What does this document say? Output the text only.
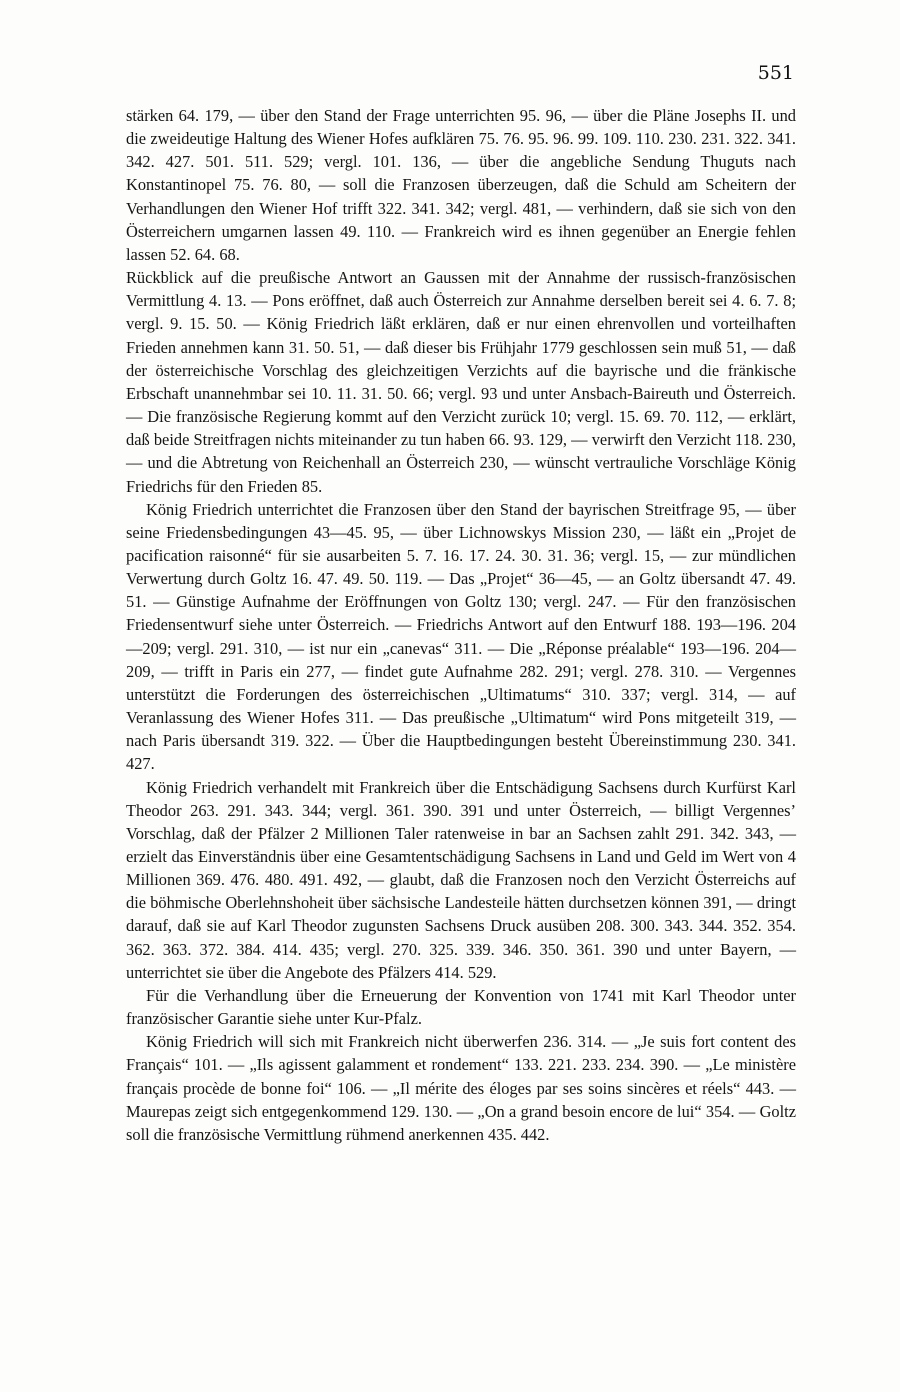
551

stärken 64. 179, — über den Stand der Frage unterrichten 95. 96, — über die Pläne Josephs II. und die zweideutige Haltung des Wiener Hofes aufklären 75. 76. 95. 96. 99. 109. 110. 230. 231. 322. 341. 342. 427. 501. 511. 529; vergl. 101. 136, — über die angebliche Sendung Thuguts nach Konstantinopel 75. 76. 80, — soll die Franzosen überzeugen, daß die Schuld am Scheitern der Verhandlungen den Wiener Hof trifft 322. 341. 342; vergl. 481, — verhindern, daß sie sich von den Österreichern umgarnen lassen 49. 110. — Frankreich wird es ihnen gegenüber an Energie fehlen lassen 52. 64. 68.

Rückblick auf die preußische Antwort an Gaussen mit der Annahme der russisch-französischen Vermittlung 4. 13. — Pons eröffnet, daß auch Österreich zur Annahme derselben bereit sei 4. 6. 7. 8; vergl. 9. 15. 50. — König Friedrich läßt erklären, daß er nur einen ehrenvollen und vorteilhaften Frieden annehmen kann 31. 50. 51, — daß dieser bis Frühjahr 1779 geschlossen sein muß 51, — daß der österreichische Vorschlag des gleichzeitigen Verzichts auf die bayrische und die fränkische Erbschaft unannehmbar sei 10. 11. 31. 50. 66; vergl. 93 und unter Ansbach-Baireuth und Österreich. — Die französische Regierung kommt auf den Verzicht zurück 10; vergl. 15. 69. 70. 112, — erklärt, daß beide Streitfragen nichts miteinander zu tun haben 66. 93. 129, — verwirft den Verzicht 118. 230, — und die Abtretung von Reichenhall an Österreich 230, — wünscht vertrauliche Vorschläge König Friedrichs für den Frieden 85.

König Friedrich unterrichtet die Franzosen über den Stand der bayrischen Streitfrage 95, — über seine Friedensbedingungen 43—45. 95, — über Lichnowskys Mission 230, — läßt ein „Projet de pacification raisonné“ für sie ausarbeiten 5. 7. 16. 17. 24. 30. 31. 36; vergl. 15, — zur mündlichen Verwertung durch Goltz 16. 47. 49. 50. 119. — Das „Projet“ 36—45, — an Goltz übersandt 47. 49. 51. — Günstige Aufnahme der Eröffnungen von Goltz 130; vergl. 247. — Für den französischen Friedensentwurf siehe unter Österreich. — Friedrichs Antwort auf den Entwurf 188. 193—196. 204—209; vergl. 291. 310, — ist nur ein „canevas“ 311. — Die „Réponse préalable“ 193—196. 204—209, — trifft in Paris ein 277, — findet gute Aufnahme 282. 291; vergl. 278. 310. — Vergennes unterstützt die Forderungen des österreichischen „Ultimatums“ 310. 337; vergl. 314, — auf Veranlassung des Wiener Hofes 311. — Das preußische „Ultimatum“ wird Pons mitgeteilt 319, — nach Paris übersandt 319. 322. — Über die Hauptbedingungen besteht Übereinstimmung 230. 341. 427.

König Friedrich verhandelt mit Frankreich über die Entschädigung Sachsens durch Kurfürst Karl Theodor 263. 291. 343. 344; vergl. 361. 390. 391 und unter Österreich, — billigt Vergennes’ Vorschlag, daß der Pfälzer 2 Millionen Taler ratenweise in bar an Sachsen zahlt 291. 342. 343, — erzielt das Einverständnis über eine Gesamtentschädigung Sachsens in Land und Geld im Wert von 4 Millionen 369. 476. 480. 491. 492, — glaubt, daß die Franzosen noch den Verzicht Österreichs auf die böhmische Oberlehnshoheit über sächsische Landesteile hätten durchsetzen können 391, — dringt darauf, daß sie auf Karl Theodor zugunsten Sachsens Druck ausüben 208. 300. 343. 344. 352. 354. 362. 363. 372. 384. 414. 435; vergl. 270. 325. 339. 346. 350. 361. 390 und unter Bayern, — unterrichtet sie über die Angebote des Pfälzers 414. 529.

Für die Verhandlung über die Erneuerung der Konvention von 1741 mit Karl Theodor unter französischer Garantie siehe unter Kur-Pfalz.

König Friedrich will sich mit Frankreich nicht überwerfen 236. 314. — „Je suis fort content des Français“ 101. — „Ils agissent galamment et rondement“ 133. 221. 233. 234. 390. — „Le ministère français procède de bonne foi“ 106. — „Il mérite des éloges par ses soins sincères et réels“ 443. — Maurepas zeigt sich entgegenkommend 129. 130. — „On a grand besoin encore de lui“ 354. — Goltz soll die französische Vermittlung rühmend anerkennen 435. 442.
